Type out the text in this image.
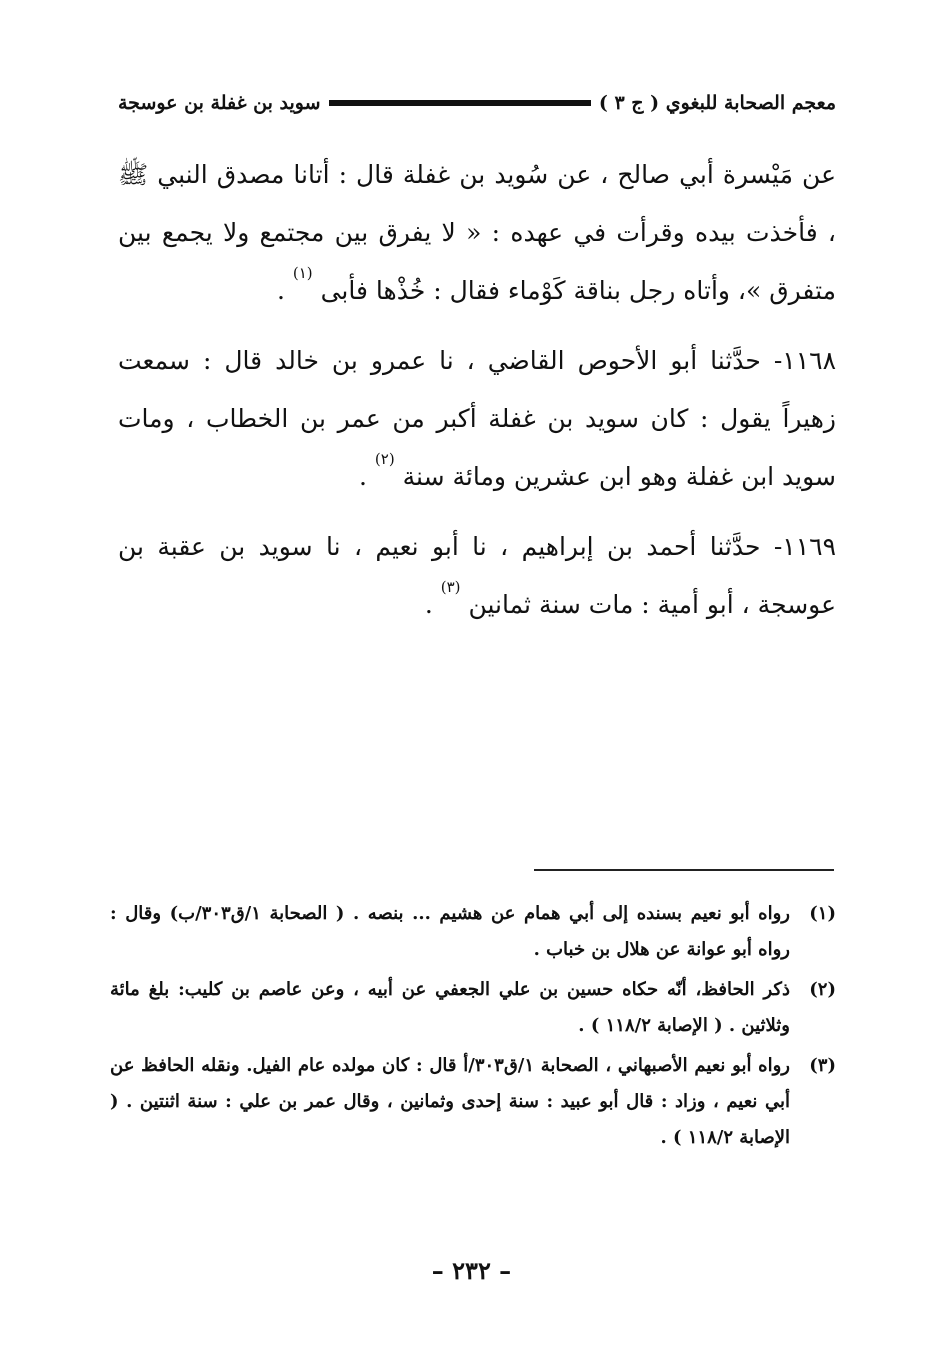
معجم الصحابة للبغوي ( ج ٣ )
سويد بن غفلة بن عوسجة

عن مَيْسرة أبي صالح ، عن سُويد بن غفلة قال : أتانا مصدق النبي ﷺ ، فأخذت بيده وقرأت في عهده : « لا يفرق بين مجتمع ولا يجمع بين متفرق »، وأتاه رجل بناقة كَوْماء فقال : خُذْها فأبى $^{(١)}$ .

١١٦٨- حدَّثنا أبو الأحوص القاضي ، نا عمرو بن خالد قال : سمعت زهيراً يقول : كان سويد بن غفلة أكبر من عمر بن الخطاب ، ومات سويد ابن غفلة وهو ابن عشرين ومائة سنة $^{(٢)}$ .

١١٦٩- حدَّثنا أحمد بن إبراهيم ، نا أبو نعيم ، نا سويد بن عقبة بن عوسجة ، أبو أمية : مات سنة ثمانين $^{(٣)}$ .

(١)
رواه أبو نعيم بسنده إلى أبي همام عن هشيم ... بنصه . ( الصحابة ١/ق٣٠٣/ب) وقال : رواه أبو عوانة عن هلال بن خباب .
(٢)
ذكر الحافظ، أنّه حكاه حسين بن علي الجعفي عن أبيه ، وعن عاصم بن كليب: بلغ مائة وثلاثين . ( الإصابة ١١٨/٢ ) .
(٣)
رواه أبو نعيم الأصبهاني ، الصحابة ١/ق٣٠٣/أ قال : كان مولده عام الفيل. ونقله الحافظ عن أبي نعيم ، وزاد : قال أبو عبيد : سنة إحدى وثمانين ، وقال عمر بن علي : سنة اثنتين . ( الإصابة ١١٨/٢ ) .
– ٢٣٢ –
